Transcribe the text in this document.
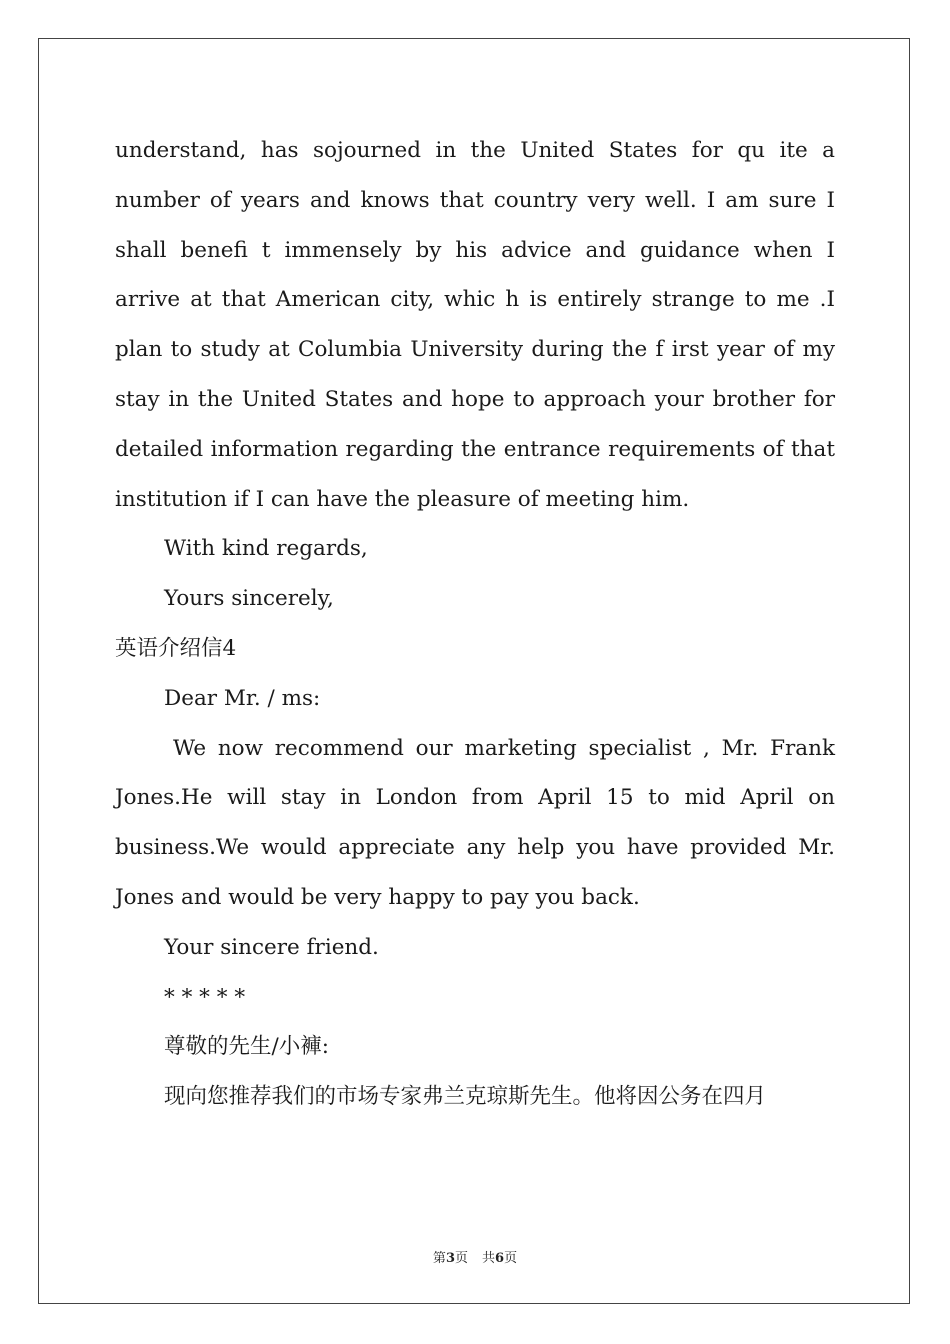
understand, has sojourned in the United States for qu ite a number of years and knows that country very well. I am sure I shall benefi t immensely by his advice and guidance when I arrive at that American city, whic h is entirely strange to me .I plan to study at Columbia University during the f irst year of my stay in the United States and hope to approach your brother for detailed information regarding the entrance requirements of that institution if I can have the pleasure of meeting him.

With kind regards,

Yours sincerely,

英语介绍信4

Dear Mr. / ms:

We now recommend our marketing specialist , Mr. Frank Jones.He will stay in London from April 15 to mid April on business.We would appreciate any help you have provided Mr. Jones and would be very happy to pay you back.

Your sincere friend.

* * * * *

尊敬的先生/小褲:

现向您推荐我们的市场专家弗兰克琼斯先生。他将因公务在四月

第3页 共6页
